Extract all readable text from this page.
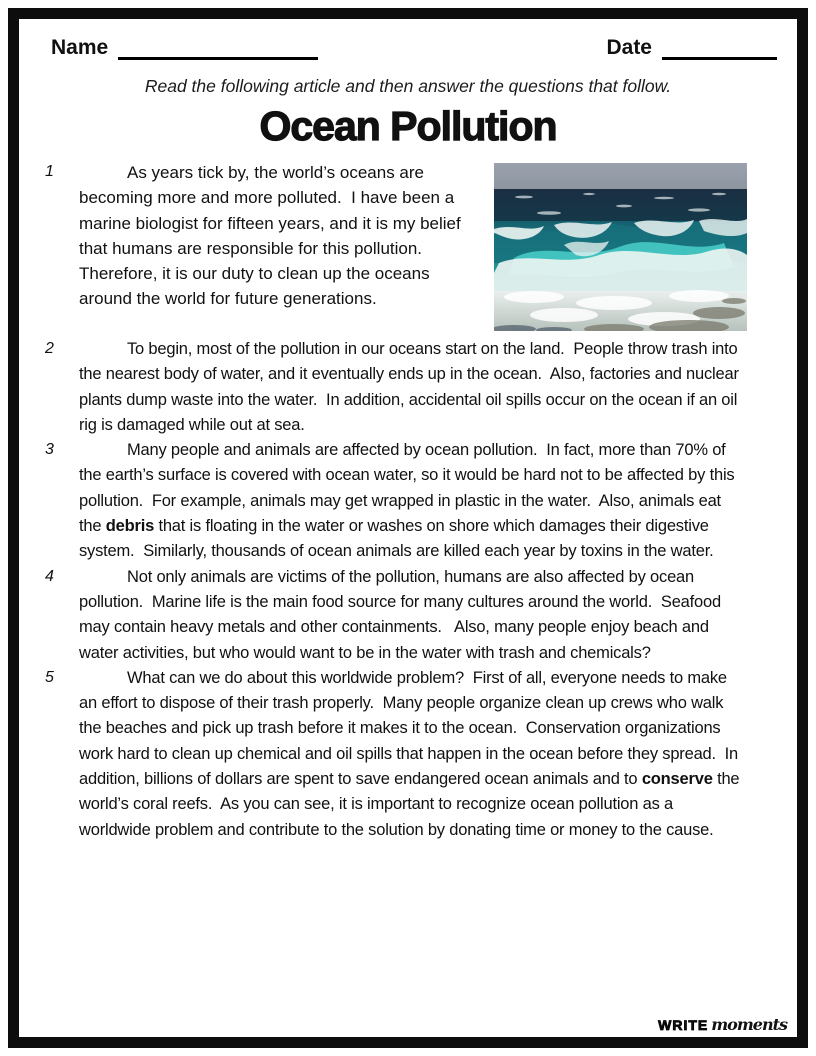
Name	Date
Read the following article and then answer the questions that follow.
Ocean Pollution
1	As years tick by, the world’s oceans are becoming more and more polluted.  I have been a marine biologist for fifteen years, and it is my belief that humans are responsible for this pollution.  Therefore, it is our duty to clean up the oceans around the world for future generations.
2	To begin, most of the pollution in our oceans start on the land.  People throw trash into the nearest body of water, and it eventually ends up in the ocean.  Also, factories and nuclear plants dump waste into the water.  In addition, accidental oil spills occur on the ocean if an oil rig is damaged while out at sea.
3	Many people and animals are affected by ocean pollution.  In fact, more than 70% of the earth’s surface is covered with ocean water, so it would be hard not to be affected by this pollution.  For example, animals may get wrapped in plastic in the water.  Also, animals eat the debris that is floating in the water or washes on shore which damages their digestive system.  Similarly, thousands of ocean animals are killed each year by toxins in the water.
4	Not only animals are victims of the pollution, humans are also affected by ocean pollution.  Marine life is the main food source for many cultures around the world.  Seafood may contain heavy metals and other containments.   Also, many people enjoy beach and water activities, but who would want to be in the water with trash and chemicals?
5	What can we do about this worldwide problem?  First of all, everyone needs to make an effort to dispose of their trash properly.  Many people organize clean up crews who walk the beaches and pick up trash before it makes it to the ocean.  Conservation organizations work hard to clean up chemical and oil spills that happen in the ocean before they spread.  In addition, billions of dollars are spent to save endangered ocean animals and to conserve the world’s coral reefs.  As you can see, it is important to recognize ocean pollution as a worldwide problem and contribute to the solution by donating time or money to the cause.
WRITE moments
